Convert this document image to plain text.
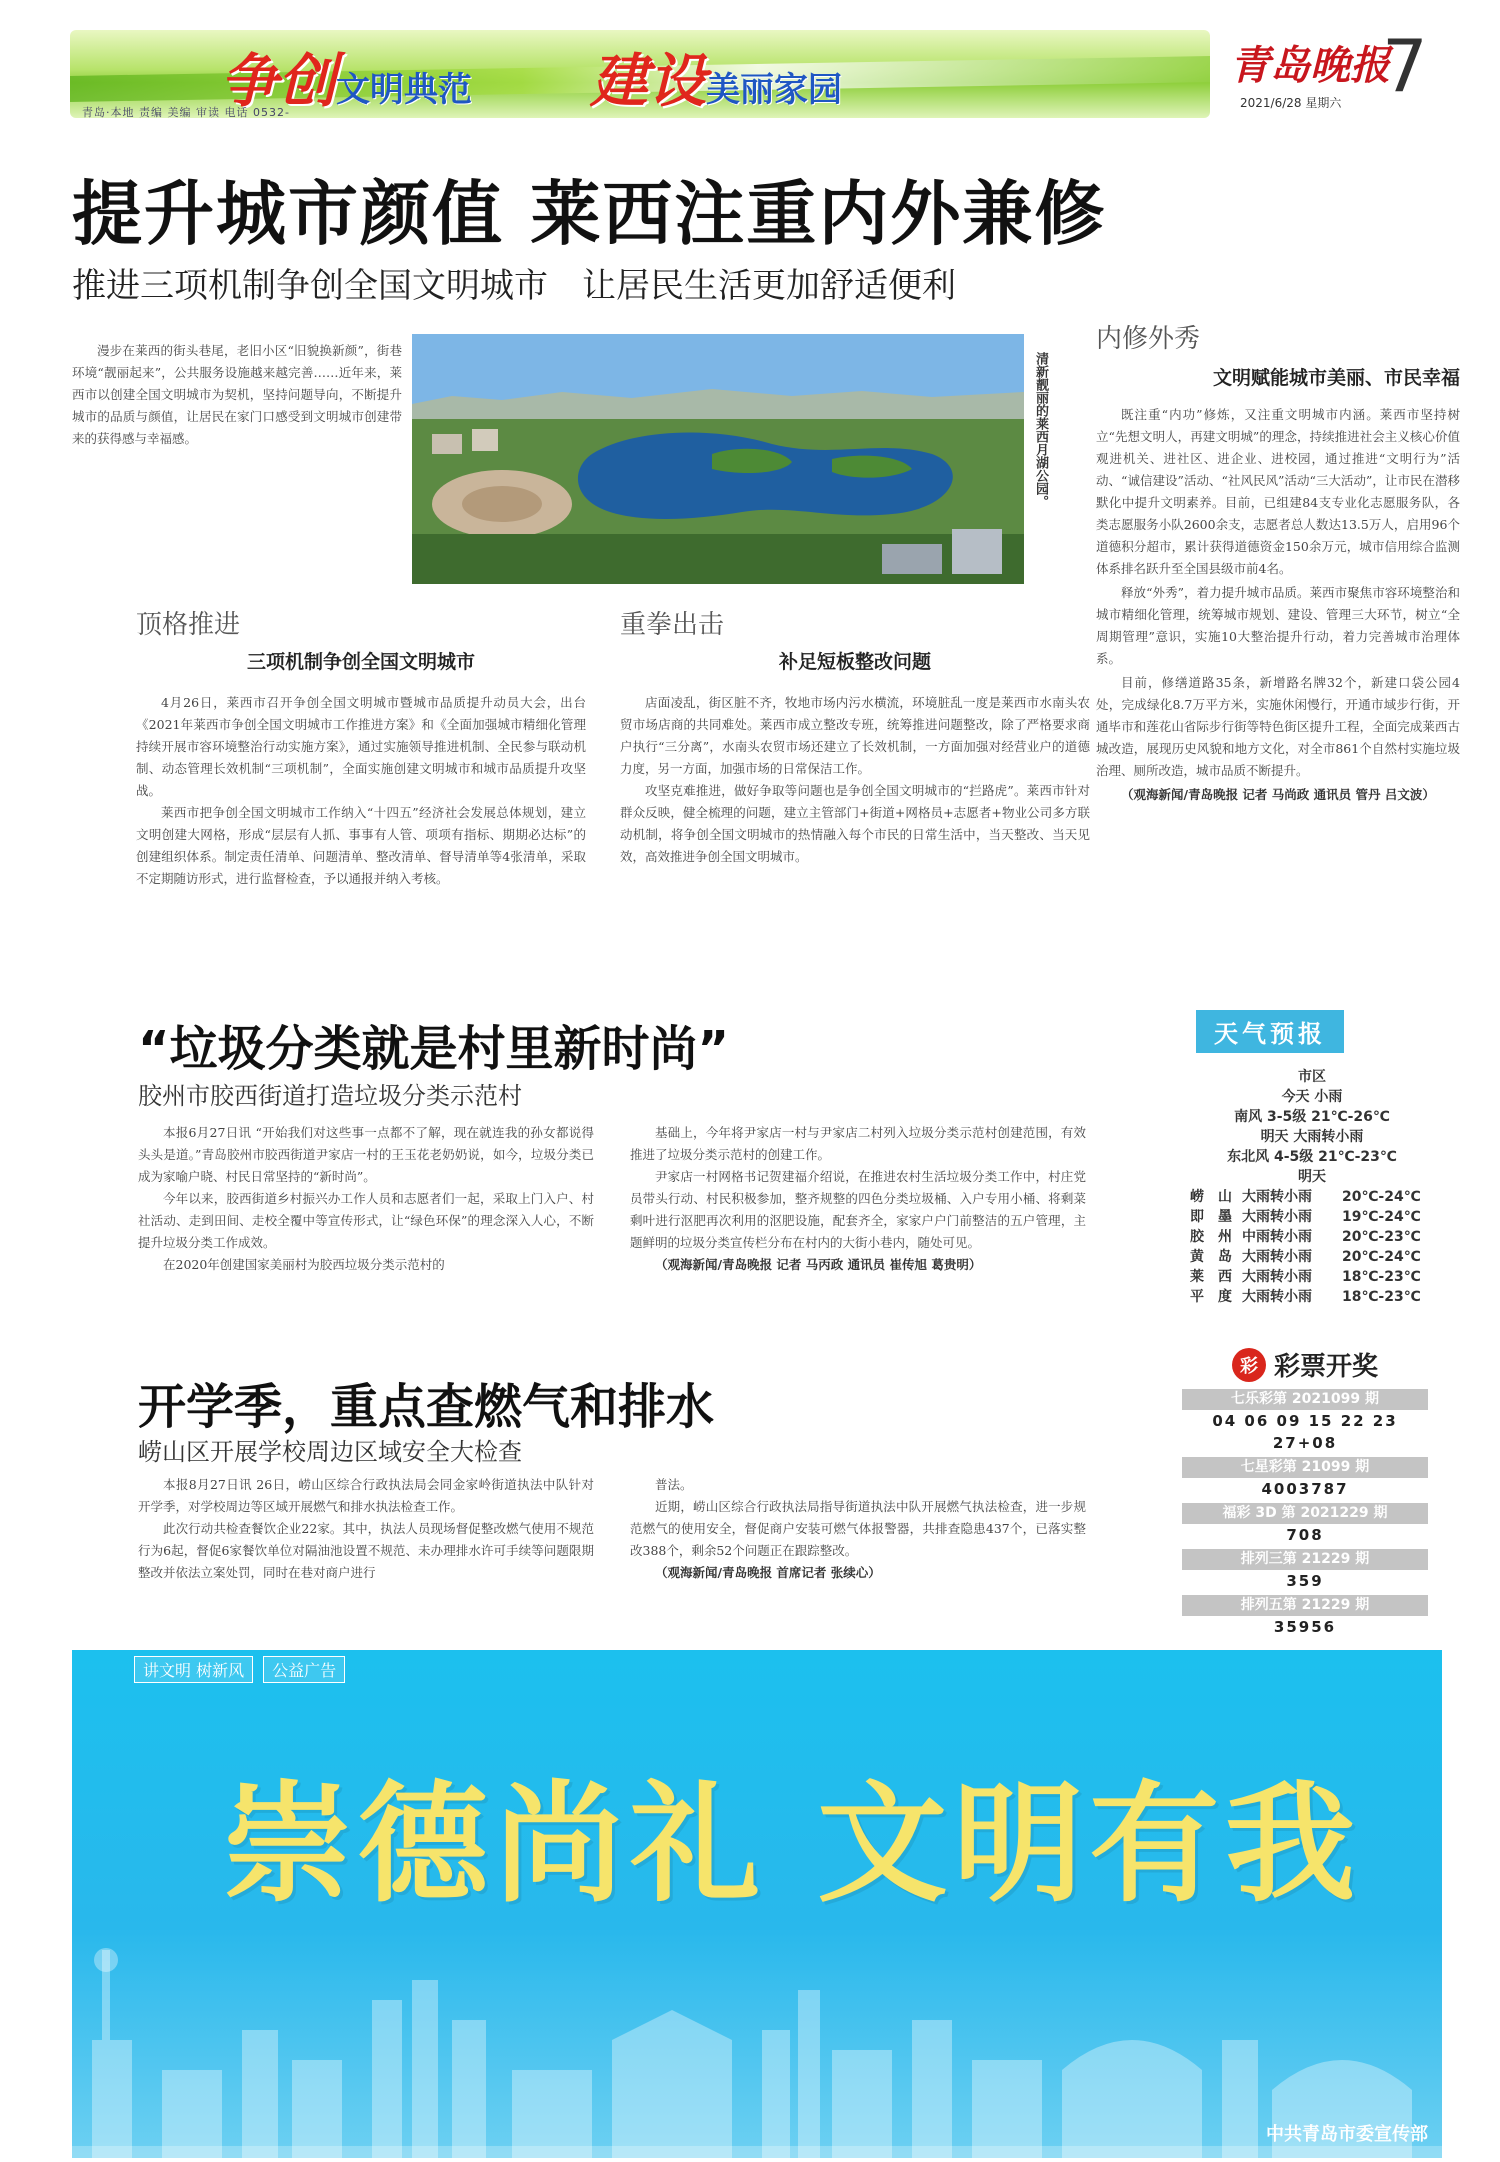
争创文明典范 建设美丽家园
青岛·本地 责编 美编 审读 电话 0532-
青岛晚报
2021/6/28 星期六 7
提升城市颜值 莱西注重内外兼修
推进三项机制争创全国文明城市　让居民生活更加舒适便利

漫步在莱西的街头巷尾，老旧小区“旧貌换新颜”，街巷环境“靓丽起来”，公共服务设施越来越完善……近年来，莱西市以创建全国文明城市为契机，坚持问题导向，不断提升城市的品质与颜值，让居民在家门口感受到文明城市创建带来的获得感与幸福感。	清新靓丽的莱西月湖公园。
内修外秀
文明赋能城市美丽、市民幸福

既注重“内功”修炼，又注重文明城市内涵。莱西市坚持树立“先想文明人，再建文明城”的理念，持续推进社会主义核心价值观进机关、进社区、进企业、进校园，通过推进“文明行为”活动、“诚信建设”活动、“社风民风”活动“三大活动”，让市民在潜移默化中提升文明素养。目前，已组建84支专业化志愿服务队，各类志愿服务小队2600余支，志愿者总人数达13.5万人，启用96个道德积分超市，累计获得道德资金150余万元，城市信用综合监测体系排名跃升至全国县级市前4名。

释放“外秀”，着力提升城市品质。莱西市聚焦市容环境整治和城市精细化管理，统筹城市规划、建设、管理三大环节，树立“全周期管理”意识，实施10大整治提升行动，着力完善城市治理体系。

目前，修缮道路35条，新增路名牌32个，新建口袋公园4处，完成绿化8.7万平方米，实施休闲慢行，开通市域步行街，开通毕市和莲花山省际步行街等特色街区提升工程，全面完成莱西古城改造，展现历史风貌和地方文化，对全市861个自然村实施垃圾治理、厕所改造，城市品质不断提升。

（观海新闻/青岛晚报 记者 马尚政 通讯员 管丹 吕文波）

顶格推进
三项机制争创全国文明城市

4月26日，莱西市召开争创全国文明城市暨城市品质提升动员大会，出台《2021年莱西市争创全国文明城市工作推进方案》和《全面加强城市精细化管理持续开展市容环境整治行动实施方案》，通过实施领导推进机制、全民参与联动机制、动态管理长效机制“三项机制”，全面实施创建文明城市和城市品质提升攻坚战。

莱西市把争创全国文明城市工作纳入“十四五”经济社会发展总体规划，建立文明创建大网格，形成“层层有人抓、事事有人管、项项有指标、期期必达标”的创建组织体系。制定责任清单、问题清单、整改清单、督导清单等4张清单，采取不定期随访形式，进行监督检查，予以通报并纳入考核。

重拳出击
补足短板整改问题

店面凌乱，街区脏不齐，牧地市场内污水横流，环境脏乱一度是莱西市水南头农贸市场店商的共同难处。莱西市成立整改专班，统筹推进问题整改，除了严格要求商户执行“三分离”，水南头农贸市场还建立了长效机制，一方面加强对经营业户的道德力度，另一方面，加强市场的日常保洁工作。

攻坚克难推进，做好争取等问题也是争创全国文明城市的“拦路虎”。莱西市针对群众反映，健全梳理的问题，建立主管部门+街道+网格员+志愿者+物业公司多方联动机制，将争创全国文明城市的热情融入每个市民的日常生活中，当天整改、当天见效，高效推进争创全国文明城市。

“垃圾分类就是村里新时尚”
胶州市胶西街道打造垃圾分类示范村

本报6月27日讯 “开始我们对这些事一点都不了解，现在就连我的孙女都说得头头是道。”青岛胶州市胶西街道尹家店一村的王玉花老奶奶说，如今，垃圾分类已成为家喻户晓、村民日常坚持的“新时尚”。

今年以来，胶西街道乡村振兴办工作人员和志愿者们一起，采取上门入户、村社活动、走到田间、走校全覆中等宣传形式，让“绿色环保”的理念深入人心，不断提升垃圾分类工作成效。

在2020年创建国家美丽村为胶西垃圾分类示范村的

基础上，今年将尹家店一村与尹家店二村列入垃圾分类示范村创建范围，有效推进了垃圾分类示范村的创建工作。

尹家店一村网格书记贺建福介绍说，在推进农村生活垃圾分类工作中，村庄党员带头行动、村民积极参加，整齐规整的四色分类垃圾桶、入户专用小桶、将剩菜剩叶进行沤肥再次利用的沤肥设施，配套齐全，家家户户门前整洁的五户管理，主题鲜明的垃圾分类宣传栏分布在村内的大街小巷内，随处可见。

（观海新闻/青岛晚报 记者 马丙政 通讯员 崔传旭 葛贵明）

开学季，重点查燃气和排水
崂山区开展学校周边区域安全大检查

本报8月27日讯 26日，崂山区综合行政执法局会同金家岭街道执法中队针对开学季，对学校周边等区域开展燃气和排水执法检查工作。

此次行动共检查餐饮企业22家。其中，执法人员现场督促整改燃气使用不规范行为6起，督促6家餐饮单位对隔油池设置不规范、未办理排水许可手续等问题限期整改并依法立案处罚，同时在巷对商户进行

普法。

近期，崂山区综合行政执法局指导街道执法中队开展燃气执法检查，进一步规范燃气的使用安全，督促商户安装可燃气体报警器，共排查隐患437个，已落实整改388个，剩余52个问题正在跟踪整改。

（观海新闻/青岛晚报 首席记者 张续心）

天气预报
市区
今天 小雨
南风 3-5级 21℃-26℃
明天 大雨转小雨
东北风 4-5级 21℃-23℃
明天
崂　山 大雨转小雨	20℃-24℃
即　墨 大雨转小雨	19℃-24℃
胶　州 中雨转小雨	20℃-23℃
黄　岛 大雨转小雨	20℃-24℃
莱　西 大雨转小雨	18℃-23℃
平　度 大雨转小雨	18℃-23℃
彩 彩票开奖
七乐彩第 2021099 期
04 06 09 15 22 23 27+08
七星彩第 21099 期
4003787
福彩 3D 第 2021229 期
708
排列三第 21229 期
359
排列五第 21229 期
35956
讲文明 树新风	公益广告
崇德尚礼 文明有我
中共青岛市委宣传部
